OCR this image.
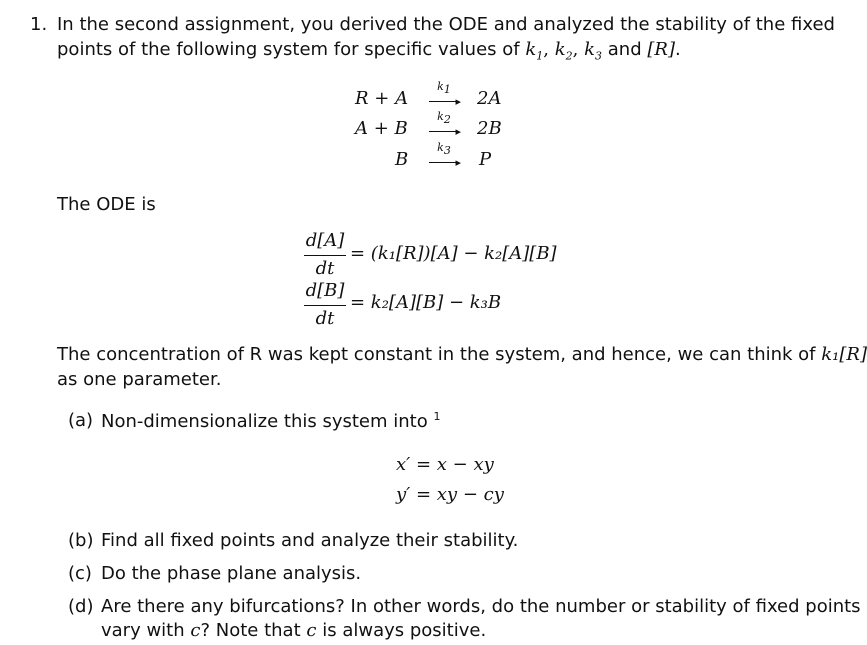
1. In the second assignment, you derived the ODE and analyzed the stability of the fixed
points of the following system for specific values of $k_1$, $k_2$, $k_3$ and [R].
R + A
$k_1$
▸ 2A
A + B
$k_2$
▸ 2B
B
$k_3$
▸ P
The ODE is
d[A]
dt
= (k₁[R])[A] − k₂[A][B]
d[B]
dt
= k₂[A][B] − k₃B
The concentration of R was kept constant in the system, and hence, we can think of k₁[R]
as one parameter.
(a) Non-dimensionalize this system into $^1$
x′ = x − xy
y′ = xy − cy
(b) Find all fixed points and analyze their stability.
(c) Do the phase plane analysis.
(d) Are there any bifurcations? In other words, do the number or stability of fixed points
vary with c? Note that c is always positive.
